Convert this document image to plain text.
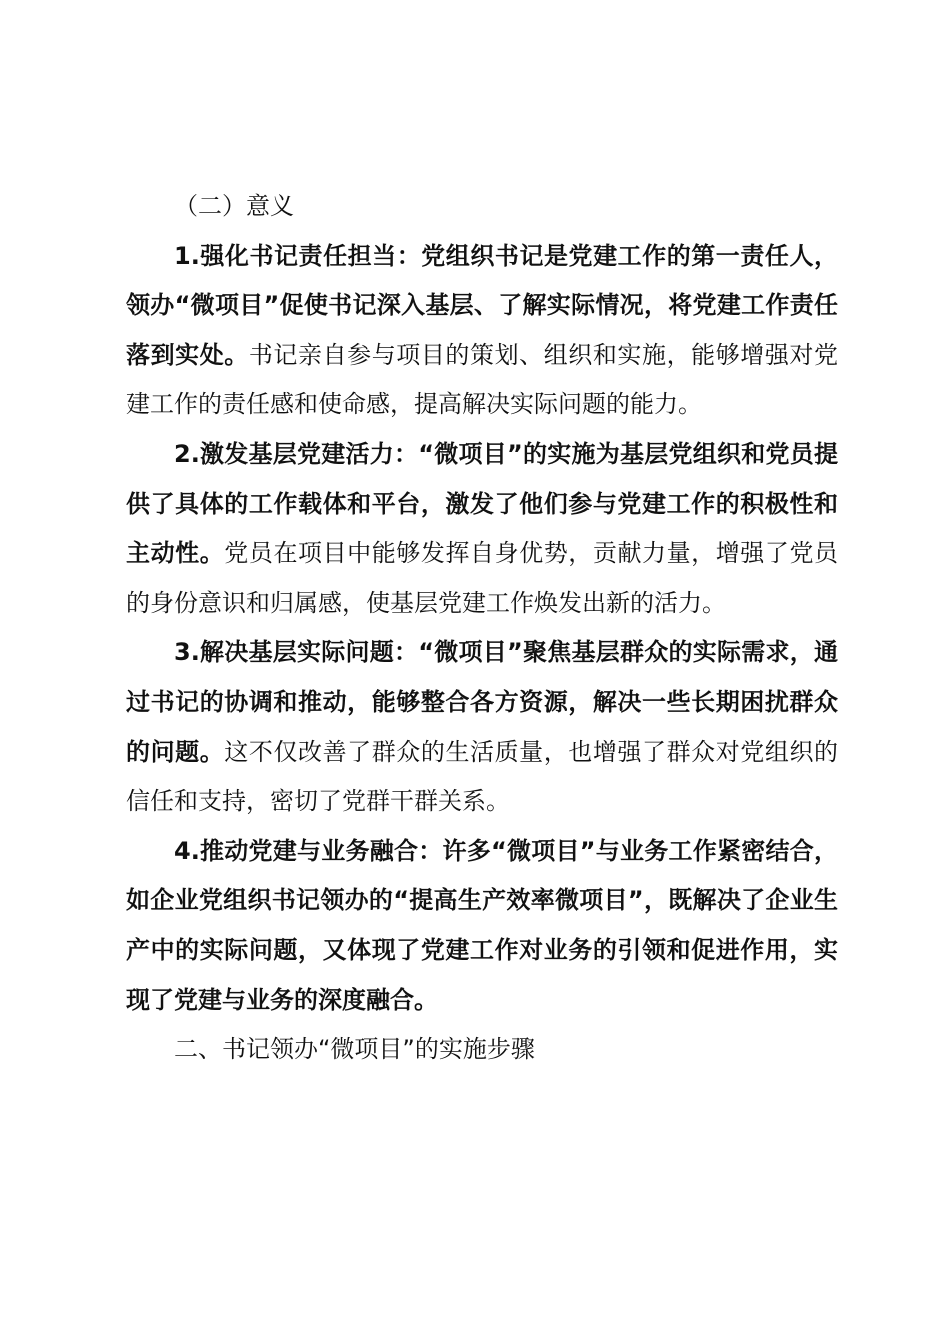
（二）意义

1.强化书记责任担当：党组织书记是党建工作的第一责任人，领办“微项目”促使书记深入基层、了解实际情况，将党建工作责任落到实处。书记亲自参与项目的策划、组织和实施，能够增强对党建工作的责任感和使命感，提高解决实际问题的能力。

2.激发基层党建活力：“微项目”的实施为基层党组织和党员提供了具体的工作载体和平台，激发了他们参与党建工作的积极性和主动性。党员在项目中能够发挥自身优势，贡献力量，增强了党员的身份意识和归属感，使基层党建工作焕发出新的活力。

3.解决基层实际问题：“微项目”聚焦基层群众的实际需求，通过书记的协调和推动，能够整合各方资源，解决一些长期困扰群众的问题。这不仅改善了群众的生活质量，也增强了群众对党组织的信任和支持，密切了党群干群关系。

4.推动党建与业务融合：许多“微项目”与业务工作紧密结合，如企业党组织书记领办的“提高生产效率微项目”，既解决了企业生产中的实际问题，又体现了党建工作对业务的引领和促进作用，实现了党建与业务的深度融合。

二、书记领办“微项目”的实施步骤
